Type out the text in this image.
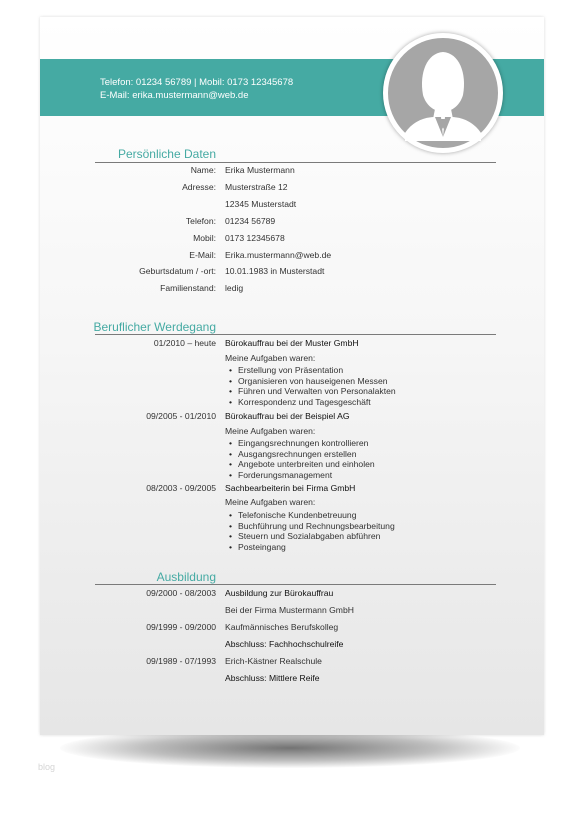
blog
Telefon: 01234 56789 | Mobil: 0173 12345678
E-Mail: erika.mustermann@web.de
Persönliche Daten
Name: Erika Mustermann
Adresse: Musterstraße 12
12345 Musterstadt
Telefon: 01234 56789
Mobil: 0173 12345678
E-Mail: Erika.mustermann@web.de
Geburtsdatum / -ort: 10.01.1983 in Musterstadt
Familienstand: ledig
Beruflicher Werdegang
01/2010 – heute Bürokauffrau bei der Muster GmbH
Meine Aufgaben waren:
• Erstellung von Präsentation
• Organisieren von hauseigenen Messen
• Führen und Verwalten von Personalakten
• Korrespondenz und Tagesgeschäft
09/2005 - 01/2010 Bürokauffrau bei der Beispiel AG
Meine Aufgaben waren:
• Eingangsrechnungen kontrollieren
• Ausgangsrechnungen erstellen
• Angebote unterbreiten und einholen
• Forderungsmanagement
08/2003 - 09/2005 Sachbearbeiterin bei Firma GmbH
Meine Aufgaben waren:
• Telefonische Kundenbetreuung
• Buchführung und Rechnungsbearbeitung
• Steuern und Sozialabgaben abführen
• Posteingang
Ausbildung
09/2000 - 08/2003 Ausbildung zur Bürokauffrau
Bei der Firma Mustermann GmbH
09/1999 - 09/2000 Kaufmännisches Berufskolleg
Abschluss: Fachhochschulreife
09/1989 - 07/1993 Erich-Kästner Realschule
Abschluss: Mittlere Reife
